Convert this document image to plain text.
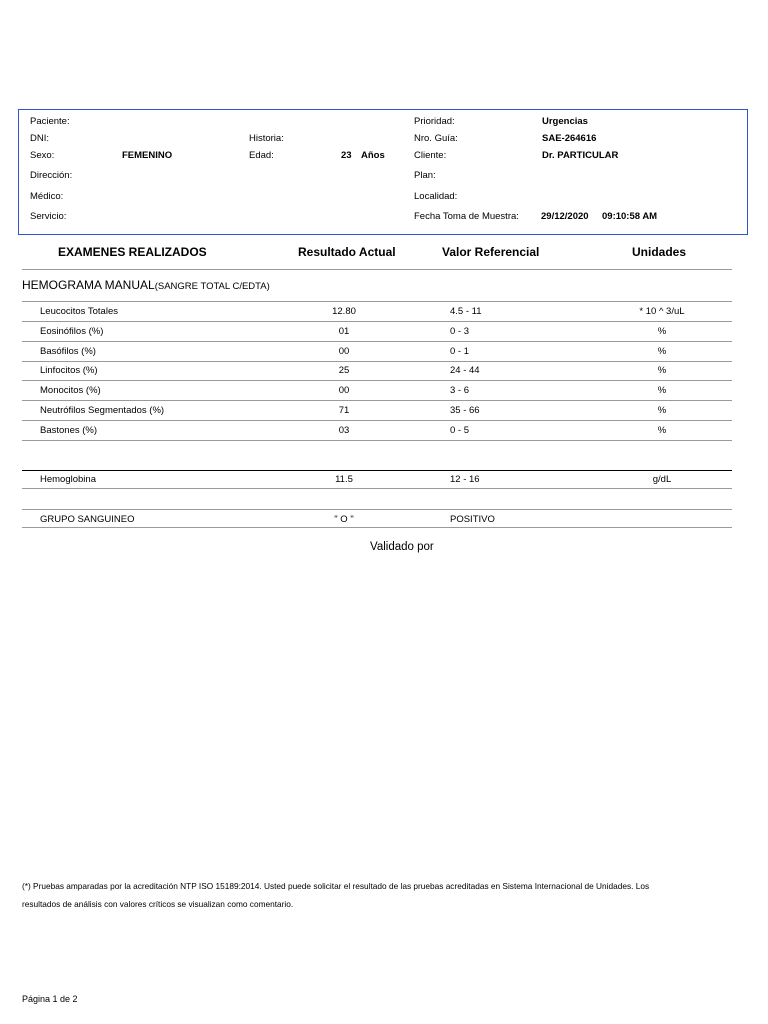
Paciente:
DNI:
Sexo:	FEMENINO
Dirección:
Médico:
Servicio:
Historia:
Edad:	23 Años
Prioridad:	Urgencias
Nro. Guía:	SAE-264616
Cliente:	Dr. PARTICULAR
Plan:
Localidad:
Fecha Toma de Muestra: 29/12/2020 09:10:58 AM
EXAMENES REALIZADOS	Resultado Actual	Valor Referencial	Unidades
HEMOGRAMA MANUAL(SANGRE TOTAL C/EDTA)
Leucocitos Totales	12.80	4.5 - 11	* 10 ^ 3/uL
Eosinófilos (%)	01	0 - 3	%
Basófilos (%)	00	0 - 1	%
Linfocitos (%)	25	24 - 44	%
Monocitos (%)	00	3 - 6	%
Neutrófilos Segmentados (%)	71	35 - 66	%
Bastones (%)	03	0 - 5	%
Hemoglobina	11.5	12 - 16	g/dL
GRUPO SANGUINEO	" O "	POSITIVO
Validado por
(*) Pruebas amparadas por la acreditación NTP ISO 15189:2014. Usted puede solicitar el resultado de las pruebas acreditadas en Sistema Internacional de Unidades. Los
resultados de análisis con valores críticos se visualizan como comentario.
Página 1 de 2
